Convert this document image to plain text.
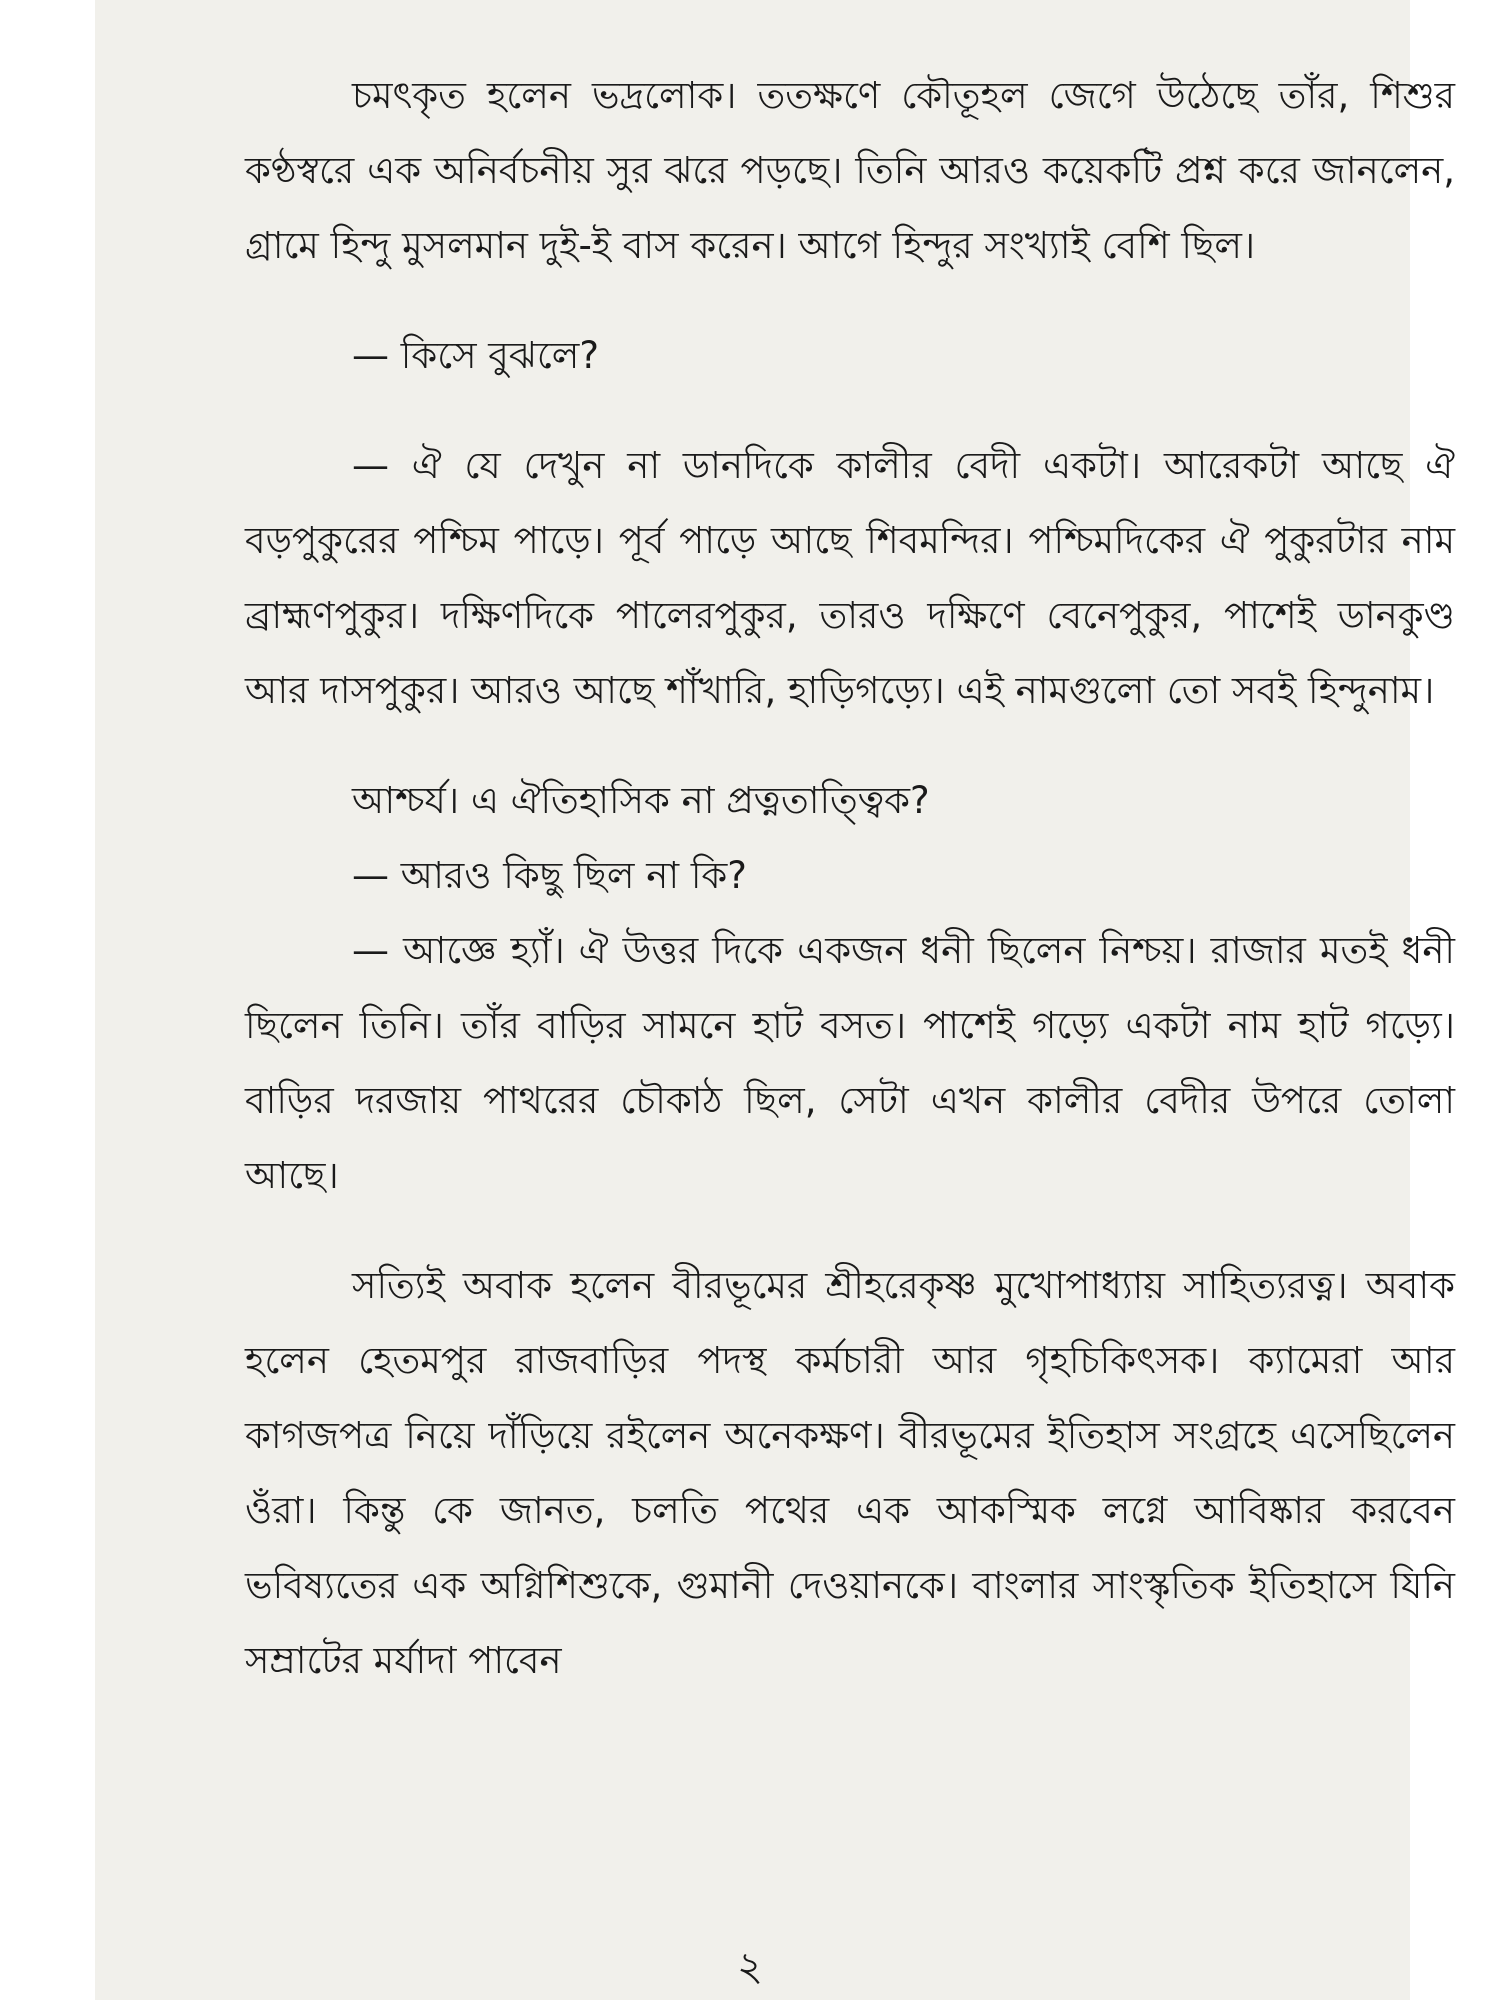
চমৎকৃত হলেন ভদ্রলোক। ততক্ষণে কৌতূহল জেগে উঠেছে তাঁর, শিশুর কণ্ঠস্বরে এক অনির্বচনীয় সুর ঝরে পড়ছে। তিনি আরও কয়েকটি প্রশ্ন করে জানলেন, গ্রামে হিন্দু মুসলমান দুই-ই বাস করেন। আগে হিন্দুর সংখ্যাই বেশি ছিল।

— কিসে বুঝলে?

— ঐ যে দেখুন না ডানদিকে কালীর বেদী একটা। আরেকটা আছে ঐ বড়পুকুরের পশ্চিম পাড়ে। পূর্ব পাড়ে আছে শিবমন্দির। পশ্চিমদিকের ঐ পুকুরটার নাম ব্রাহ্মণপুকুর। দক্ষিণদিকে পালেরপুকুর, তারও দক্ষিণে বেনেপুকুর, পাশেই ডানকুণ্ড আর দাসপুকুর। আরও আছে শাঁখারি, হাড়িগড়্যে। এই নামগুলো তো সবই হিন্দুনাম।

আশ্চর্য। এ ঐতিহাসিক না প্রত্নতাত্ত্বিক?

— আরও কিছু ছিল না কি?

— আজ্ঞে হ্যাঁ। ঐ উত্তর দিকে একজন ধনী ছিলেন নিশ্চয়। রাজার মতই ধনী ছিলেন তিনি। তাঁর বাড়ির সামনে হাট বসত। পাশেই গড়্যে একটা নাম হাট গড়্যে। বাড়ির দরজায় পাথরের চৌকাঠ ছিল, সেটা এখন কালীর বেদীর উপরে তোলা আছে।

সত্যিই অবাক হলেন বীরভূমের শ্রীহরেকৃষ্ণ মুখোপাধ্যায় সাহিত্যরত্ন। অবাক হলেন হেতমপুর রাজবাড়ির পদস্থ কর্মচারী আর গৃহচিকিৎসক। ক্যামেরা আর কাগজপত্র নিয়ে দাঁড়িয়ে রইলেন অনেকক্ষণ। বীরভূমের ইতিহাস সংগ্রহে এসেছিলেন ওঁরা। কিন্তু কে জানত, চলতি পথের এক আকস্মিক লগ্নে আবিষ্কার করবেন ভবিষ্যতের এক অগ্নিশিশুকে, গুমানী দেওয়ানকে। বাংলার সাংস্কৃতিক ইতিহাসে যিনি সম্রাটের মর্যাদা পাবেন

২
